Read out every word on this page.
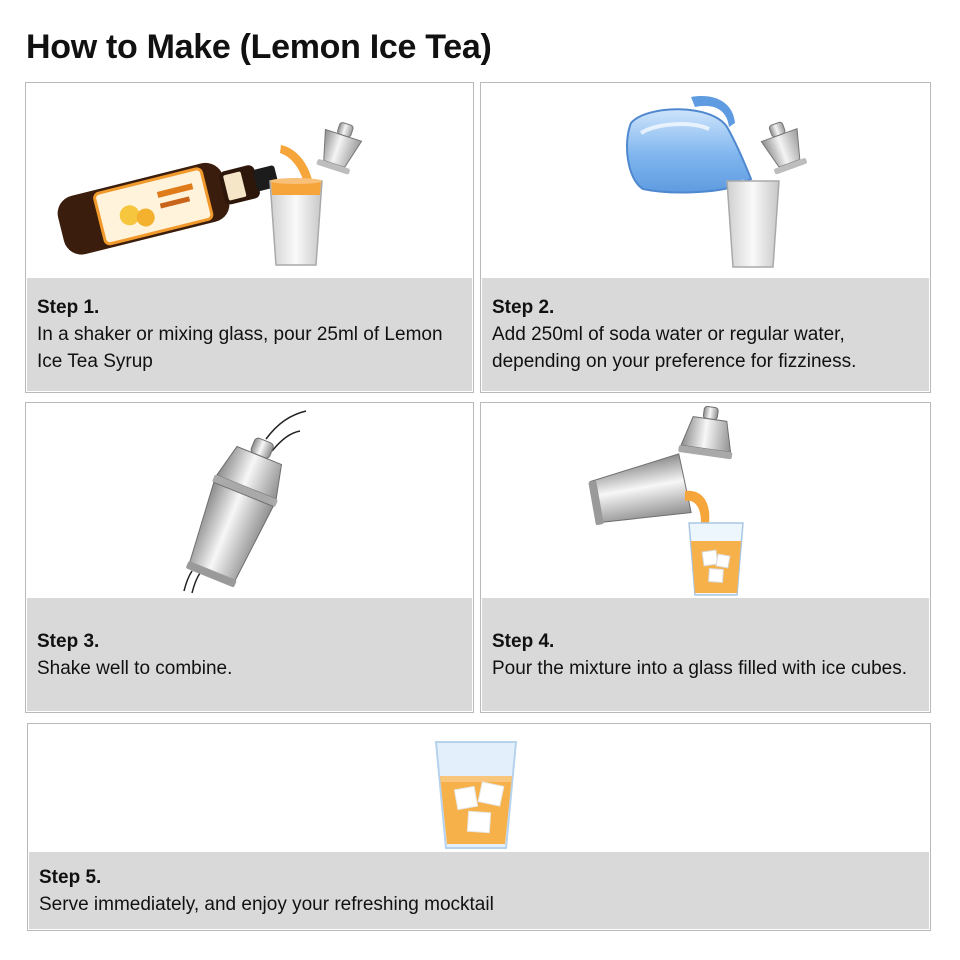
How to Make (Lemon Ice Tea)
Step 1.
In a shaker or mixing glass, pour 25ml of Lemon Ice Tea Syrup
Step 2.
Add 250ml of soda water or regular water, depending on your preference for fizziness.
Step 3.
Shake well to combine.
Step 4.
Pour the mixture into a glass filled with ice cubes.
Step 5.
Serve immediately, and enjoy your refreshing mocktail
